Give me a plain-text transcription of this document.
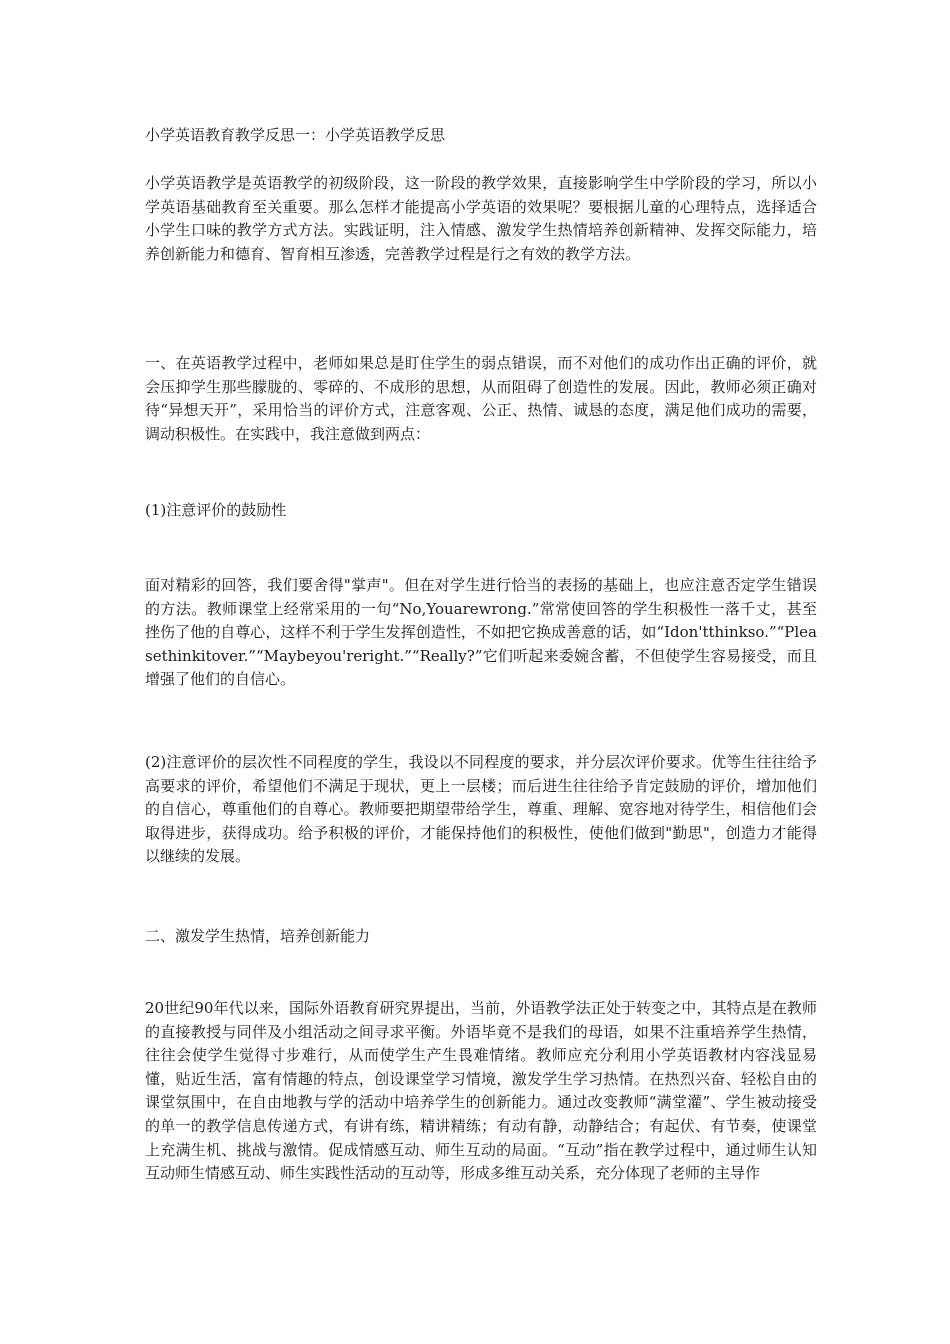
小学英语教育教学反思一：小学英语教学反思

小学英语教学是英语教学的初级阶段，这一阶段的教学效果，直接影响学生中学阶段的学习，所以小学英语基础教育至关重要。那么怎样才能提高小学英语的效果呢？要根据儿童的心理特点，选择适合小学生口味的教学方式方法。实践证明，注入情感、激发学生热情培养创新精神、发挥交际能力，培养创新能力和德育、智育相互渗透，完善教学过程是行之有效的教学方法。

一、在英语教学过程中，老师如果总是盯住学生的弱点错误，而不对他们的成功作出正确的评价，就会压抑学生那些朦胧的、零碎的、不成形的思想，从而阻碍了创造性的发展。因此，教师必须正确对待“异想天开”，采用恰当的评价方式，注意客观、公正、热情、诚恳的态度，满足他们成功的需要，调动积极性。在实践中，我注意做到两点：

(1)注意评价的鼓励性

面对精彩的回答，我们要舍得"掌声"。但在对学生进行恰当的表扬的基础上，也应注意否定学生错误的方法。教师课堂上经常采用的一句“No,Youarewrong.”常常使回答的学生积极性一落千丈，甚至挫伤了他的自尊心，这样不利于学生发挥创造性，不如把它换成善意的话，如“Idon'tthinkso.”“Pleasethinkitover.”“Maybeyou'reright.”“Really?”它们听起来委婉含蓄，不但使学生容易接受，而且增强了他们的自信心。

(2)注意评价的层次性不同程度的学生，我设以不同程度的要求，并分层次评价要求。优等生往往给予高要求的评价，希望他们不满足于现状，更上一层楼；而后进生往往给予肯定鼓励的评价，增加他们的自信心，尊重他们的自尊心。教师要把期望带给学生，尊重、理解、宽容地对待学生，相信他们会取得进步，获得成功。给予积极的评价，才能保持他们的积极性，使他们做到"勤思"，创造力才能得以继续的发展。

二、激发学生热情，培养创新能力

20世纪90年代以来，国际外语教育研究界提出，当前，外语教学法正处于转变之中，其特点是在教师的直接教授与同伴及小组活动之间寻求平衡。外语毕竟不是我们的母语，如果不注重培养学生热情，往往会使学生觉得寸步难行，从而使学生产生畏难情绪。教师应充分利用小学英语教材内容浅显易懂，贴近生活，富有情趣的特点，创设课堂学习情境，激发学生学习热情。在热烈兴奋、轻松自由的课堂氛围中，在自由地教与学的活动中培养学生的创新能力。通过改变教师“满堂灌”、学生被动接受的单一的教学信息传递方式，有讲有练，精讲精练；有动有静，动静结合；有起伏、有节奏，使课堂上充满生机、挑战与激情。促成情感互动、师生互动的局面。“互动”指在教学过程中，通过师生认知互动师生情感互动、师生实践性活动的互动等，形成多维互动关系，充分体现了老师的主导作
